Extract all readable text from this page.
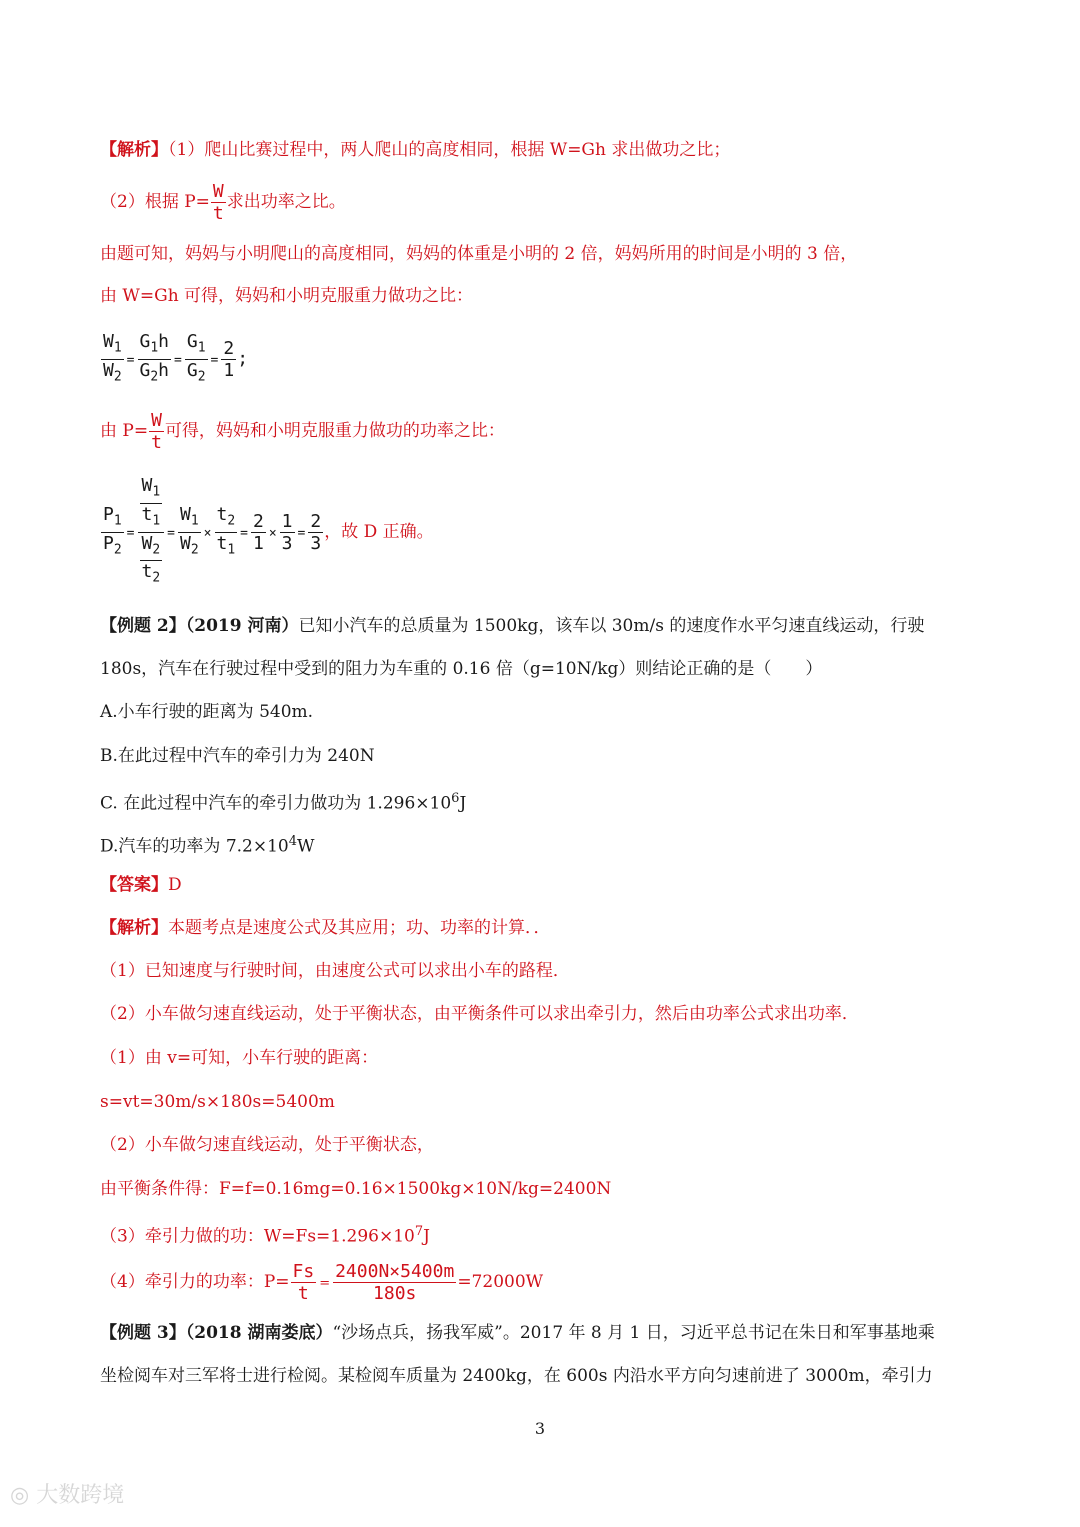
【解析】（1）爬山比赛过程中，两人爬山的高度相同，根据 W=Gh 求出做功之比；
（2）根据 $P= \frac{W}{t}$ 求出功率之比。
由题可知，妈妈与小明爬山的高度相同，妈妈的体重是小明的 2 倍，妈妈所用的时间是小明的 3 倍，
由 W=Gh 可得，妈妈和小明克服重力做功之比：
$\frac{W_1}{W_2} = \frac{G_1h}{G_2h} = \frac{G_1}{G_2} = \frac{2}{1}$ ;
由 $P= \frac{W}{t}$ 可得，妈妈和小明克服重力做功的功率之比：
$\frac{P_1}{P_2} = \frac{\frac{W_1}{t_1}}{\frac{W_2}{t_2}} = \frac{W_1}{W_2} \times \frac{t_2}{t_1} = \frac{2}{1} \times \frac{1}{3} = \frac{2}{3}$ ，故 D 正确。
【例题 2】（2019 河南）已知小汽车的总质量为 1500kg，该车以 30m/s 的速度作水平匀速直线运动，行驶
180s，汽车在行驶过程中受到的阻力为车重的 0.16 倍（g=10N/kg）则结论正确的是（　　）
A.小车行驶的距离为 540m.
B.在此过程中汽车的牵引力为 240N
C. 在此过程中汽车的牵引力做功为 $1.296\times 10^6J$
D.汽车的功率为 $7.2\times 10^4W$
【答案】D
【解析】本题考点是速度公式及其应用；功、功率的计算．．
（1）已知速度与行驶时间，由速度公式可以求出小车的路程．
（2）小车做匀速直线运动，处于平衡状态，由平衡条件可以求出牵引力，然后由功率公式求出功率．
（1）由 v=可知，小车行驶的距离：
s=vt=30m/s×180s=5400m
（2）小车做匀速直线运动，处于平衡状态，
由平衡条件得：F=f=0.16mg=0.16×1500kg×10N/kg=2400N
（3）牵引力做的功：$W=Fs=1.296\times 10^7J$
（4）牵引力的功率：$P= \frac{Fs}{t} = \frac{2400N\times 5400m}{180s} =72000W$
【例题 3】（2018 湖南娄底）“沙场点兵，扬我军威”。2017 年 8 月 1 日，习近平总书记在朱日和军事基地乘
坐检阅车对三军将士进行检阅。某检阅车质量为 2400kg，在 600s 内沿水平方向匀速前进了 3000m，牵引力
3
◎ 大数跨境
